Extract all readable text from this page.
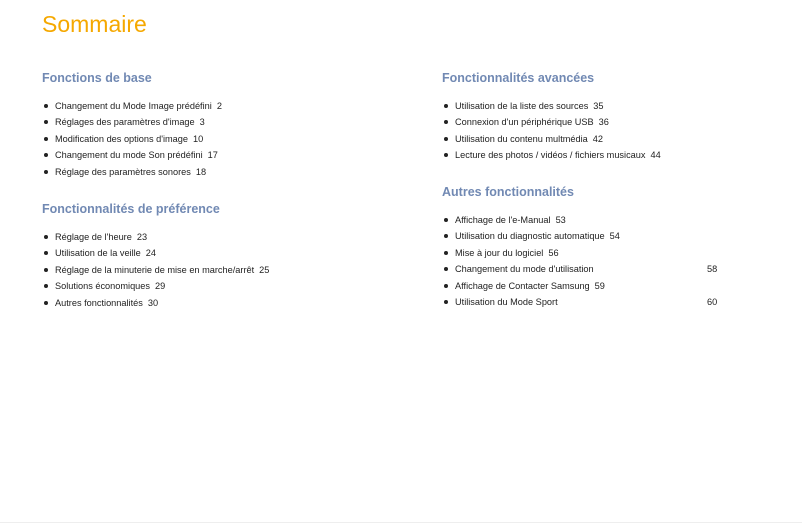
Sommaire
Fonctions de base
Changement du Mode Image prédéfini 2
Réglages des paramètres d'image 3
Modification des options d'image 10
Changement du mode Son prédéfini 17
Réglage des paramètres sonores 18
Fonctionnalités de préférence
Réglage de l'heure 23
Utilisation de la veille 24
Réglage de la minuterie de mise en marche/arrêt 25
Solutions économiques 29
Autres fonctionnalités 30
Fonctionnalités avancées
Utilisation de la liste des sources 35
Connexion d'un périphérique USB 36
Utilisation du contenu multmédia 42
Lecture des photos / vidéos / fichiers musicaux 44
Autres fonctionnalités
Affichage de l'e-Manual 53
Utilisation du diagnostic automatique 54
Mise à jour du logiciel 56
Changement du mode d'utilisation	58
Affichage de Contacter Samsung 59
Utilisation du Mode Sport	60
